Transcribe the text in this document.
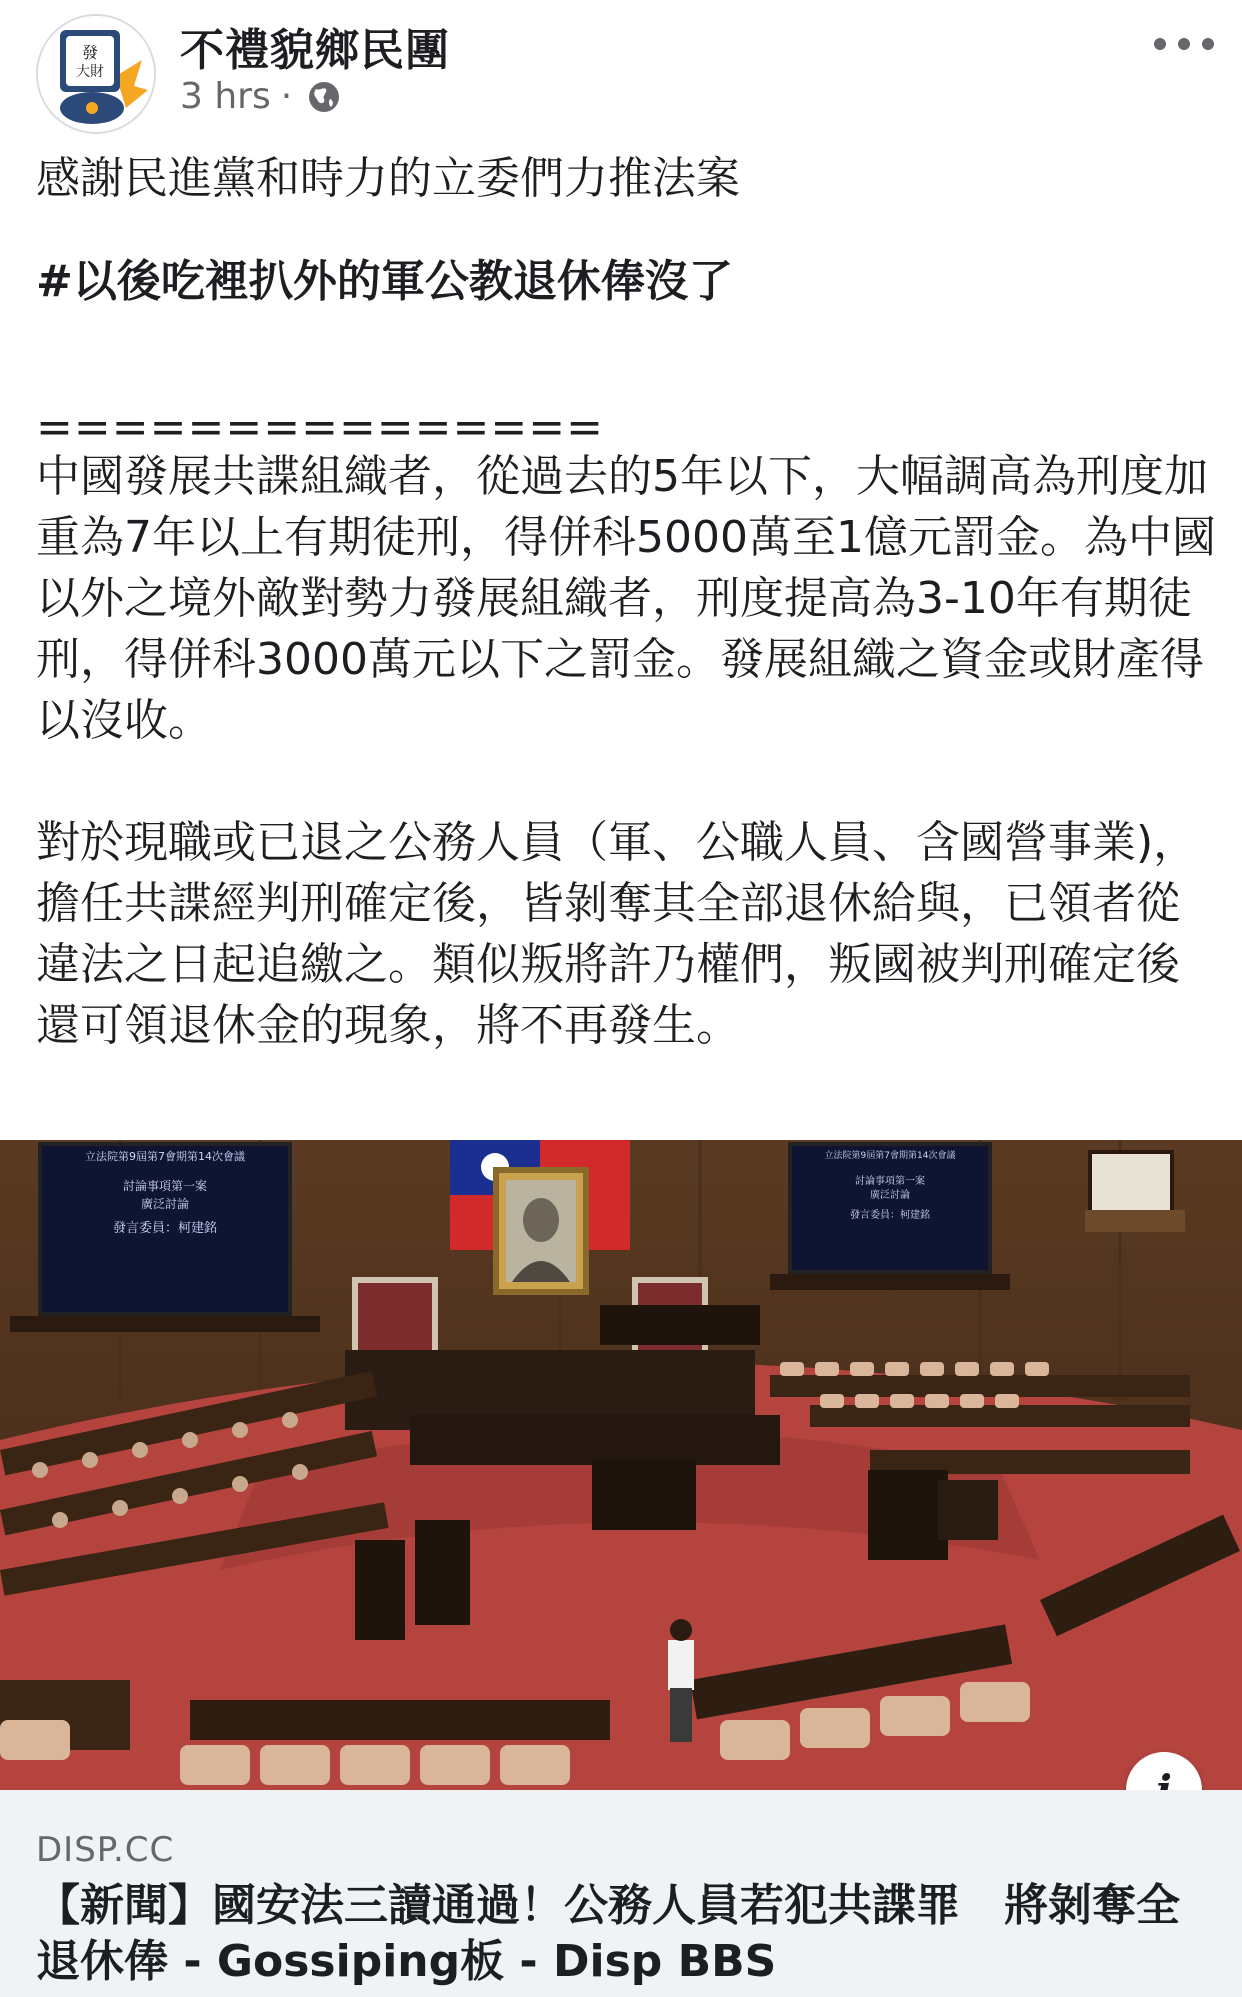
發
大財 不禮貌鄉民團
3 hrs ·

感謝民進黨和時力的立委們力推法案

#以後吃裡扒外的軍公教退休俸沒了

===============

中國發展共諜組織者，從過去的5年以下，大幅調高為刑度加重為7年以上有期徒刑，得併科5000萬至1億元罰金。為中國以外之境外敵對勢力發展組織者，刑度提高為3-10年有期徒刑，得併科3000萬元以下之罰金。發展組織之資金或財產得以沒收。

對於現職或已退之公務人員（軍、公職人員、含國營事業)，擔任共諜經判刑確定後，皆剝奪其全部退休給與，已領者從違法之日起追繳之。類似叛將許乃權們，叛國被判刑確定後還可領退休金的現象，將不再發生。

立法院第9屆第7會期第14次會議
討論事項第一案
廣泛討論
發言委員：柯建銘
立法院第9屆第7會期第14次會議
討論事項第一案
廣泛討論
發言委員：柯建銘
DISP.CC
【新聞】國安法三讀通過！公務人員若犯共諜罪　將剝奪全退休俸 - Gossiping板 - Disp BBS
